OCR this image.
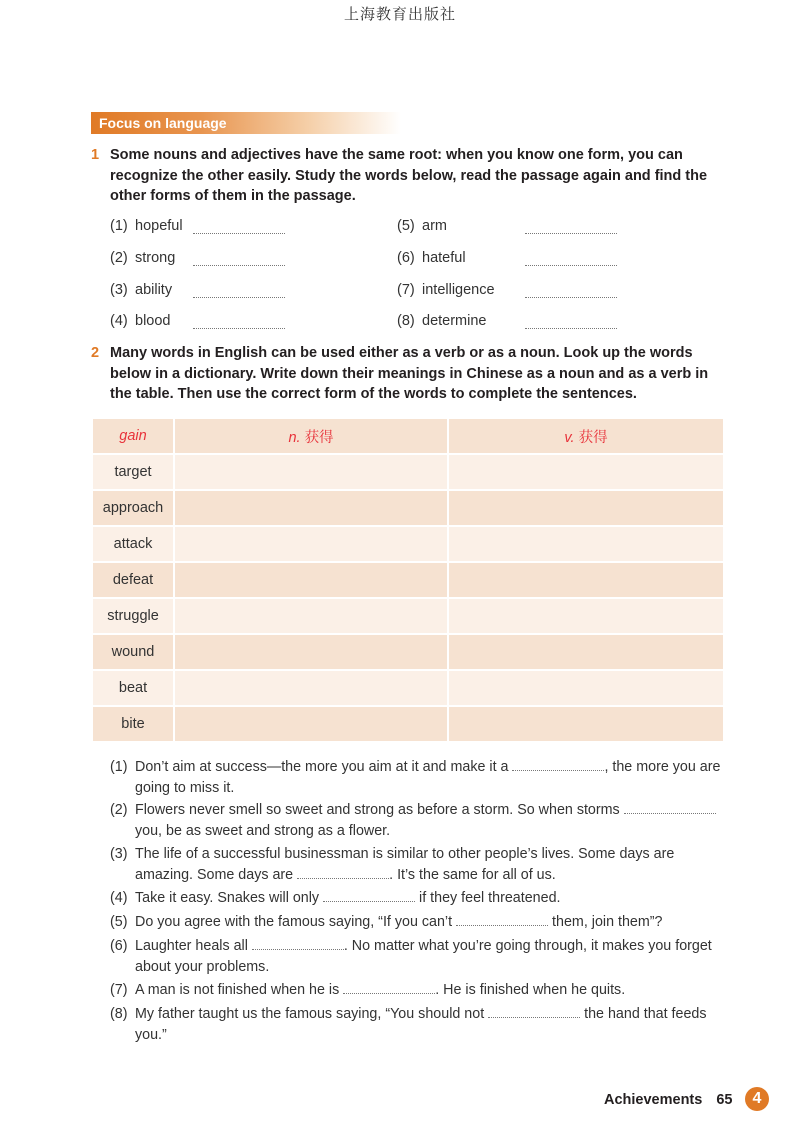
上海教育出版社
Focus on language
1 Some nouns and adjectives have the same root: when you know one form, you can recognize the other easily. Study the words below, read the passage again and find the other forms of them in the passage.
(1) hopeful
(2) strong
(3) ability
(4) blood
(5) arm
(6) hateful
(7) intelligence
(8) determine
2 Many words in English can be used either as a verb or as a noun. Look up the words below in a dictionary. Write down their meanings in Chinese as a noun and as a verb in the table. Then use the correct form of the words to complete the sentences.
gain	n. 获得	v. 获得
target		
approach		
attack		
defeat		
struggle		
wound		
beat		
bite		
(1) Don’t aim at success—the more you aim at it and make it a	, the more you are going to miss it.
(2) Flowers never smell so sweet and strong as before a storm. So when storms  you, be as sweet and strong as a flower.
(3) The life of a successful businessman is similar to other people’s lives. Some days are amazing. Some days are	. It’s the same for all of us.
(4) Take it easy. Snakes will only	if they feel threatened.
(5) Do you agree with the famous saying, “If you can’t	them, join them”?
(6) Laughter heals all	. No matter what you’re going through, it makes you forget about your problems.
(7) A man is not finished when he is	. He is finished when he quits.
(8) My father taught us the famous saying, “You should not	the hand that feeds you.”
Achievements 65	4
